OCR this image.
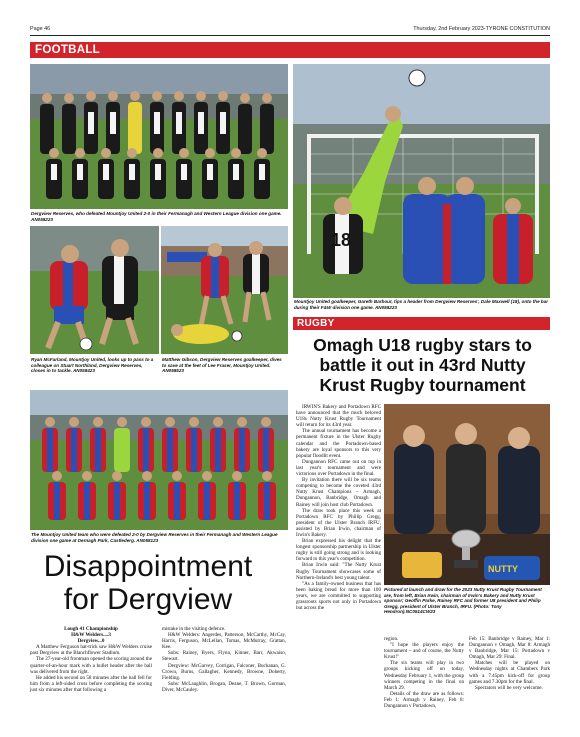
Page 46	Thursday, 2nd February 2023-TYRONE CONSTITUTION
FOOTBALL
Dergview Reserves, who defeated Mountjoy United 2-0 in their Fermanagh and Western League division one game. AN058223
18
Mountjoy United goalkeeper, Gareth Barbour, tips a header from Dergview Reserves', Dale Maxwell (18), onto the bar during their F&W division one game. AN058223
Ryan McFarland, Mountjoy United, looks up to pass to a colleague on Stuart Northland, Dergview Reserves, closes in to tackle. AN058423
Matthew Gibson, Dergview Reserves goalkeeper, dives to save at the feet of Lee Fraser, Mountjoy United. AN058523
The Mountjoy United team who were defeated 2-0 by Dergview Reserves in their Fermanagh and Western League division one game at Dernagh Park, Castlederg. AN058123
Disappointment for Dergview

Lough 41 Championship

H&W Welders....3

Dergview...0

A Matthew Ferguson hat-trick saw H&W Welders cruise past Dergview at the Blanchflower Stadium.

The 27-year-old frontman opened the scoring around the quarter-of-an-hour mark with a bullet header after the ball was delivered from the right.

He added his second on 58 minutes after the ball fell for him from a left-sided cross before completing the scoring just six minutes after that following a

mistake in the visiting defence.

H&W Welders: Angerdes, Patterson, McCarthy, McCay, Harris, Ferguson, McLellan, Tomas, McMurray, Grattan, Kee.

Subs: Rainey, Byers, Flynn, Kinner, Barr, Akwaiso, Stewart.

Dergview: McGarvey, Corrigan, Falconer, Buchanan, G. Crown, Burns, Gallagher, Kennedy, Browne, Doherty, Fielding.

Subs: McLaughlin, Brogan, Deane, T. Brown, Gorman, Diver, McCauley.

RUGBY
Omagh U18 rugby stars to battle it out in 43rd Nutty Krust Rugby tournament

IRWIN'S Bakery and Portadown RFC have announced that the much beloved U18s Nutty Krust Rugby Tournament will return for its 43rd year.

The annual tournament has become a permanent fixture in the Ulster Rugby calendar and the Portadown-based bakery are loyal sponsors to this very popular floodlit event.

Dungannon RFC came out on top in last year's tournament and were victorious over Portadown in the final.

By invitation there will be six teams competing to become the coveted 43rd Nutty Krust Champions – Armagh, Dungannon, Banbridge, Omagh and Rainey will join host club Portadown.

The draw took place this week at Portadown RFC by Phillip Gregg, president of the Ulster Branch IRFU, assisted by Brian Irwin, chairman of Irwin's Bakery.

Brian expressed his delight that the longest sponsorship partnership in Ulster rugby is still going strong and is looking forward to this year's competition.

Brian Irwin said: "The Nutty Krust Rugby Tournament showcases some of Northern-Ireland's best young talent.

"As a family-owned business that has been baking bread for more than 100 years, we are committed to supporting grassroots sports not only in Portadown but across the

NUTTY
Pictured at launch and draw for the 2023 Nutty Krust Rugby Tournament are, from left, Brian Irwin, chairman of Irwin's Bakery and Nutty Krust sponsor; Geoffin Parke, Rainey RFC and former U8 president and Philip Gregg, president of Ulster Branch, IRFU. (Photo: Tony Hendron).NC0514CW23

region.

"I hope the players enjoy the tournament – and of course, the Nutty Krust!"

The six teams will play in two groups kicking off on today, Wednesday February 1, with the group winners competing in the final on March 29.

Details of the draw are as follows: Feb 1: Armagh v Rainey, Feb 8: Dungannon v Portadown,

Feb 15: Banbridge v Rainey, Mar 1: Dungannon v Omagh, Mar 8: Armagh v Banbridge, Mar 15: Portadown v Omagh, Mar 29: Final.

Matches will be played on Wednesday nights at Chambers Park with a 7.45pm kick-off for group games and 7.30pm for the final.

Spectators will be very welcome.
